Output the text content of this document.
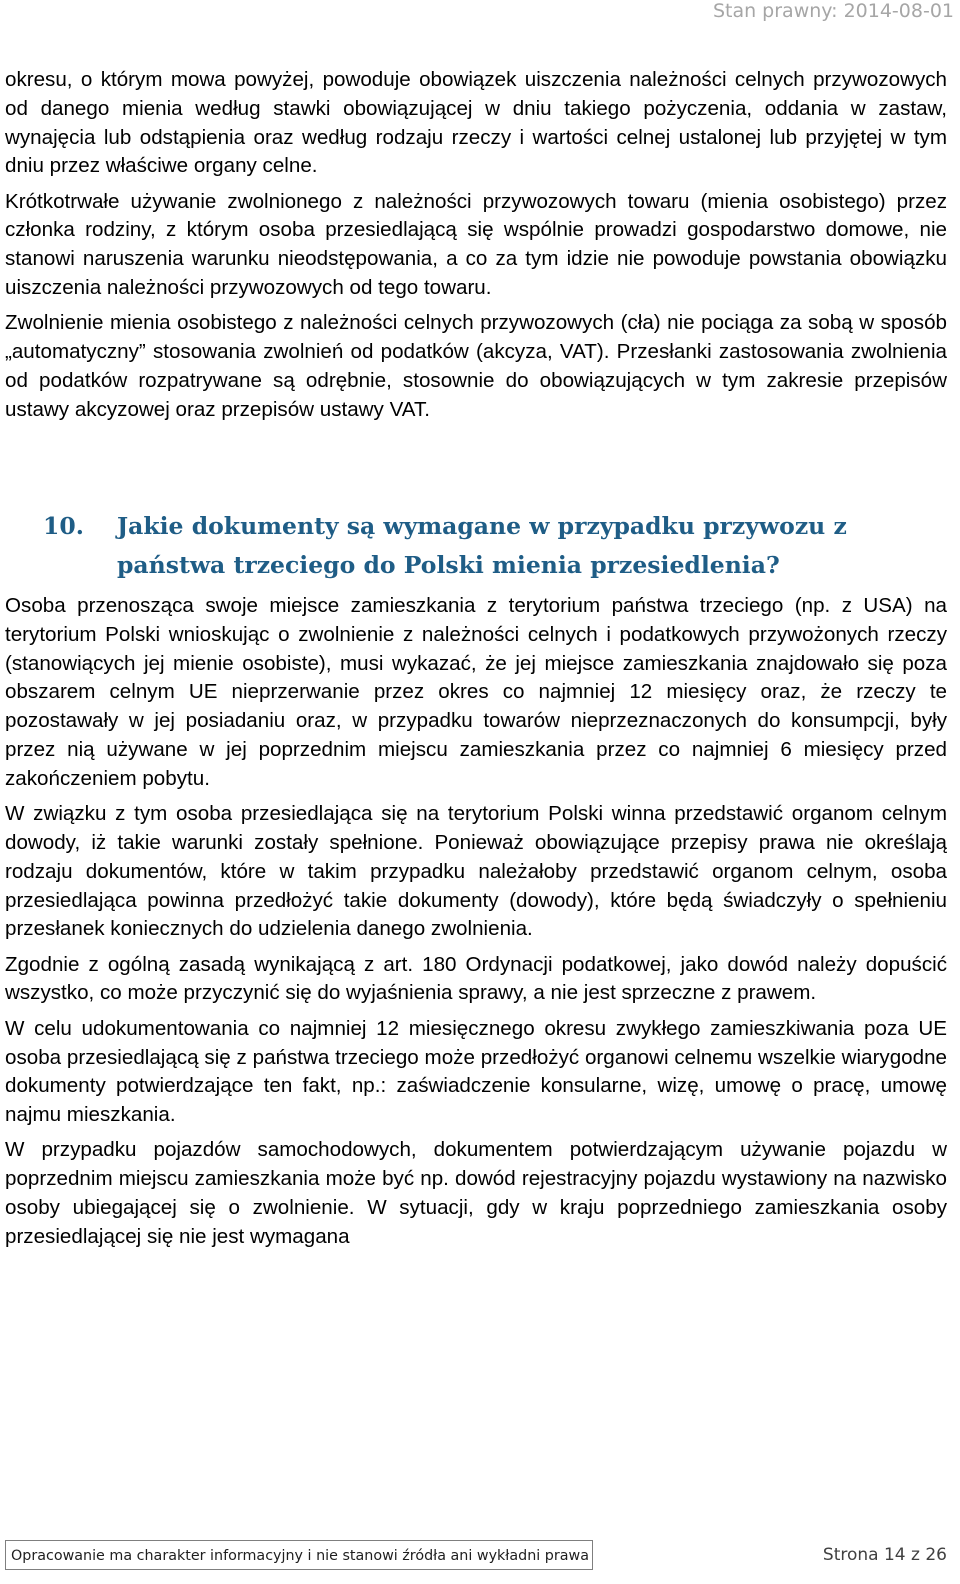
Stan prawny: 2014-08-01

okresu, o którym mowa powyżej, powoduje obowiązek uiszczenia należności celnych przywozowych od danego mienia według stawki obowiązującej w dniu takiego pożyczenia, oddania w zastaw, wynajęcia lub odstąpienia oraz według rodzaju rzeczy i wartości celnej ustalonej lub przyjętej w tym dniu przez właściwe organy celne.

Krótkotrwałe używanie zwolnionego z należności przywozowych towaru (mienia osobistego) przez członka rodziny, z którym osoba przesiedlającą się wspólnie prowadzi gospodarstwo domowe, nie stanowi naruszenia warunku nieodstępowania, a co za tym idzie nie powoduje powstania obowiązku uiszczenia należności przywozowych od tego towaru.

Zwolnienie mienia osobistego z należności celnych przywozowych (cła) nie pociąga za sobą w sposób „automatyczny” stosowania zwolnień od podatków (akcyza, VAT). Przesłanki zastosowania zwolnienia od podatków rozpatrywane są odrębnie, stosownie do obowiązujących w tym zakresie przepisów ustawy akcyzowej oraz przepisów ustawy VAT.

10.	Jakie dokumenty są wymagane w przypadku przywozu z państwa trzeciego do Polski mienia przesiedlenia?

Osoba przenosząca swoje miejsce zamieszkania z terytorium państwa trzeciego (np. z USA) na terytorium Polski wnioskując o zwolnienie z należności celnych i podatkowych przywożonych rzeczy (stanowiących jej mienie osobiste), musi wykazać, że jej miejsce zamieszkania znajdowało się poza obszarem celnym UE nieprzerwanie przez okres co najmniej 12 miesięcy oraz, że rzeczy te pozostawały w jej posiadaniu oraz, w przypadku towarów nieprzeznaczonych do konsumpcji, były przez nią używane w jej poprzednim miejscu zamieszkania przez co najmniej 6 miesięcy przed zakończeniem pobytu.

W związku z tym osoba przesiedlająca się na terytorium Polski winna przedstawić organom celnym dowody, iż takie warunki zostały spełnione. Ponieważ obowiązujące przepisy prawa nie określają rodzaju dokumentów, które w takim przypadku należałoby przedstawić organom celnym, osoba przesiedlająca powinna przedłożyć takie dokumenty (dowody), które będą świadczyły o spełnieniu przesłanek koniecznych do udzielenia danego zwolnienia.

Zgodnie z ogólną zasadą wynikającą z art. 180 Ordynacji podatkowej, jako dowód należy dopuścić wszystko, co może przyczynić się do wyjaśnienia sprawy, a nie jest sprzeczne z prawem.

W celu udokumentowania co najmniej 12 miesięcznego okresu zwykłego zamieszkiwania poza UE osoba przesiedlającą się z państwa trzeciego może przedłożyć organowi celnemu wszelkie wiarygodne dokumenty potwierdzające ten fakt, np.: zaświadczenie konsularne, wizę, umowę o pracę, umowę najmu mieszkania.

W przypadku pojazdów samochodowych, dokumentem potwierdzającym używanie pojazdu w poprzednim miejscu zamieszkania może być np. dowód rejestracyjny pojazdu wystawiony na nazwisko osoby ubiegającej się o zwolnienie. W sytuacji, gdy w kraju poprzedniego zamieszkania osoby przesiedlającej się nie jest wymagana

Opracowanie ma charakter informacyjny i nie stanowi źródła ani wykładni prawa	Strona 14 z 26
